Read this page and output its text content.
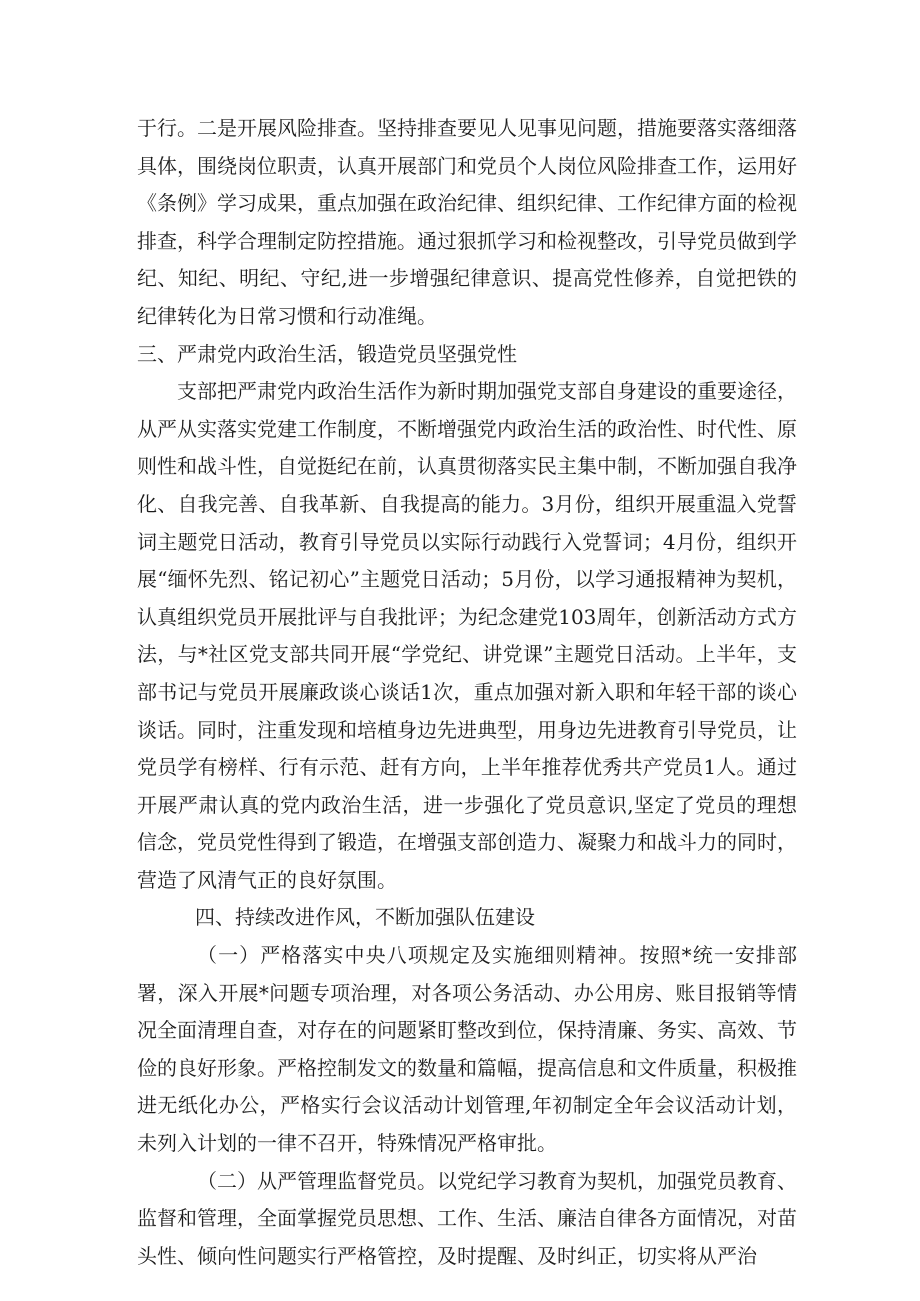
于行。二是开展风险排查。坚持排查要见人见事见问题，措施要落实落细落具体，围绕岗位职责，认真开展部门和党员个人岗位风险排查工作，运用好《条例》学习成果，重点加强在政治纪律、组织纪律、工作纪律方面的检视排查，科学合理制定防控措施。通过狠抓学习和检视整改，引导党员做到学纪、知纪、明纪、守纪,进一步增强纪律意识、提高党性修养，自觉把铁的纪律转化为日常习惯和行动准绳。

三、严肃党内政治生活，锻造党员坚强党性

支部把严肃党内政治生活作为新时期加强党支部自身建设的重要途径，从严从实落实党建工作制度，不断增强党内政治生活的政治性、时代性、原则性和战斗性，自觉挺纪在前，认真贯彻落实民主集中制，不断加强自我净化、自我完善、自我革新、自我提高的能力。3月份，组织开展重温入党誓词主题党日活动，教育引导党员以实际行动践行入党誓词；4月份，组织开展“缅怀先烈、铭记初心”主题党日活动；5月份，以学习通报精神为契机，认真组织党员开展批评与自我批评；为纪念建党103周年，创新活动方式方法，与*社区党支部共同开展“学党纪、讲党课”主题党日活动。上半年，支部书记与党员开展廉政谈心谈话1次，重点加强对新入职和年轻干部的谈心谈话。同时，注重发现和培植身边先进典型，用身边先进教育引导党员，让党员学有榜样、行有示范、赶有方向，上半年推荐优秀共产党员1人。通过开展严肃认真的党内政治生活，进一步强化了党员意识,坚定了党员的理想信念，党员党性得到了锻造，在增强支部创造力、凝聚力和战斗力的同时，营造了风清气正的良好氛围。

四、持续改进作风，不断加强队伍建设

（一）严格落实中央八项规定及实施细则精神。按照*统一安排部署，深入开展*问题专项治理，对各项公务活动、办公用房、账目报销等情况全面清理自查，对存在的问题紧盯整改到位，保持清廉、务实、高效、节俭的良好形象。严格控制发文的数量和篇幅，提高信息和文件质量，积极推进无纸化办公，严格实行会议活动计划管理,年初制定全年会议活动计划，未列入计划的一律不召开，特殊情况严格审批。

（二）从严管理监督党员。以党纪学习教育为契机，加强党员教育、监督和管理，全面掌握党员思想、工作、生活、廉洁自律各方面情况，对苗头性、倾向性问题实行严格管控，及时提醒、及时纠正，切实将从严治
